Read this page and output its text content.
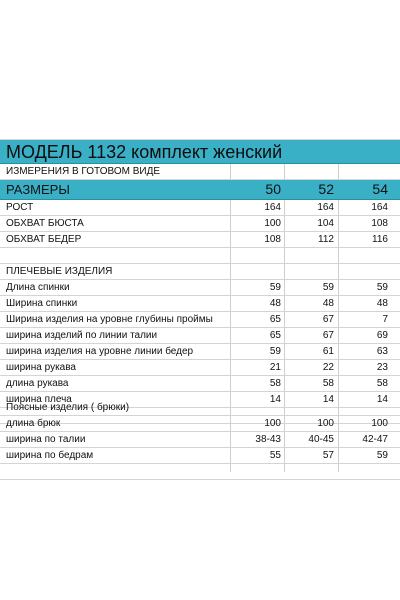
МОДЕЛЬ 1132 комплект женский
ИЗМЕРЕНИЯ В ГОТОВОМ ВИДЕ
РАЗМЕРЫ	50	52	54
РОСТ	164	164	164
ОБХВАТ БЮСТА	100	104	108
ОБХВАТ БЕДЕР	108	112	116
ПЛЕЧЕВЫЕ ИЗДЕЛИЯ
Длина спинки	59	59	59
Ширина спинки	48	48	48
Ширина изделия на уровне глубины проймы	65	67	7
ширина изделий по линии талии	65	67	69
ширина изделия на уровне линии бедер	59	61	63
ширина рукава	21	22	23
длина рукава	58	58	58
ширина плеча	14	14	14
Поясные изделия ( брюки)
длина брюк	100	100	100
ширина по талии	38-43	40-45	42-47
ширина по бедрам	55	57	59
